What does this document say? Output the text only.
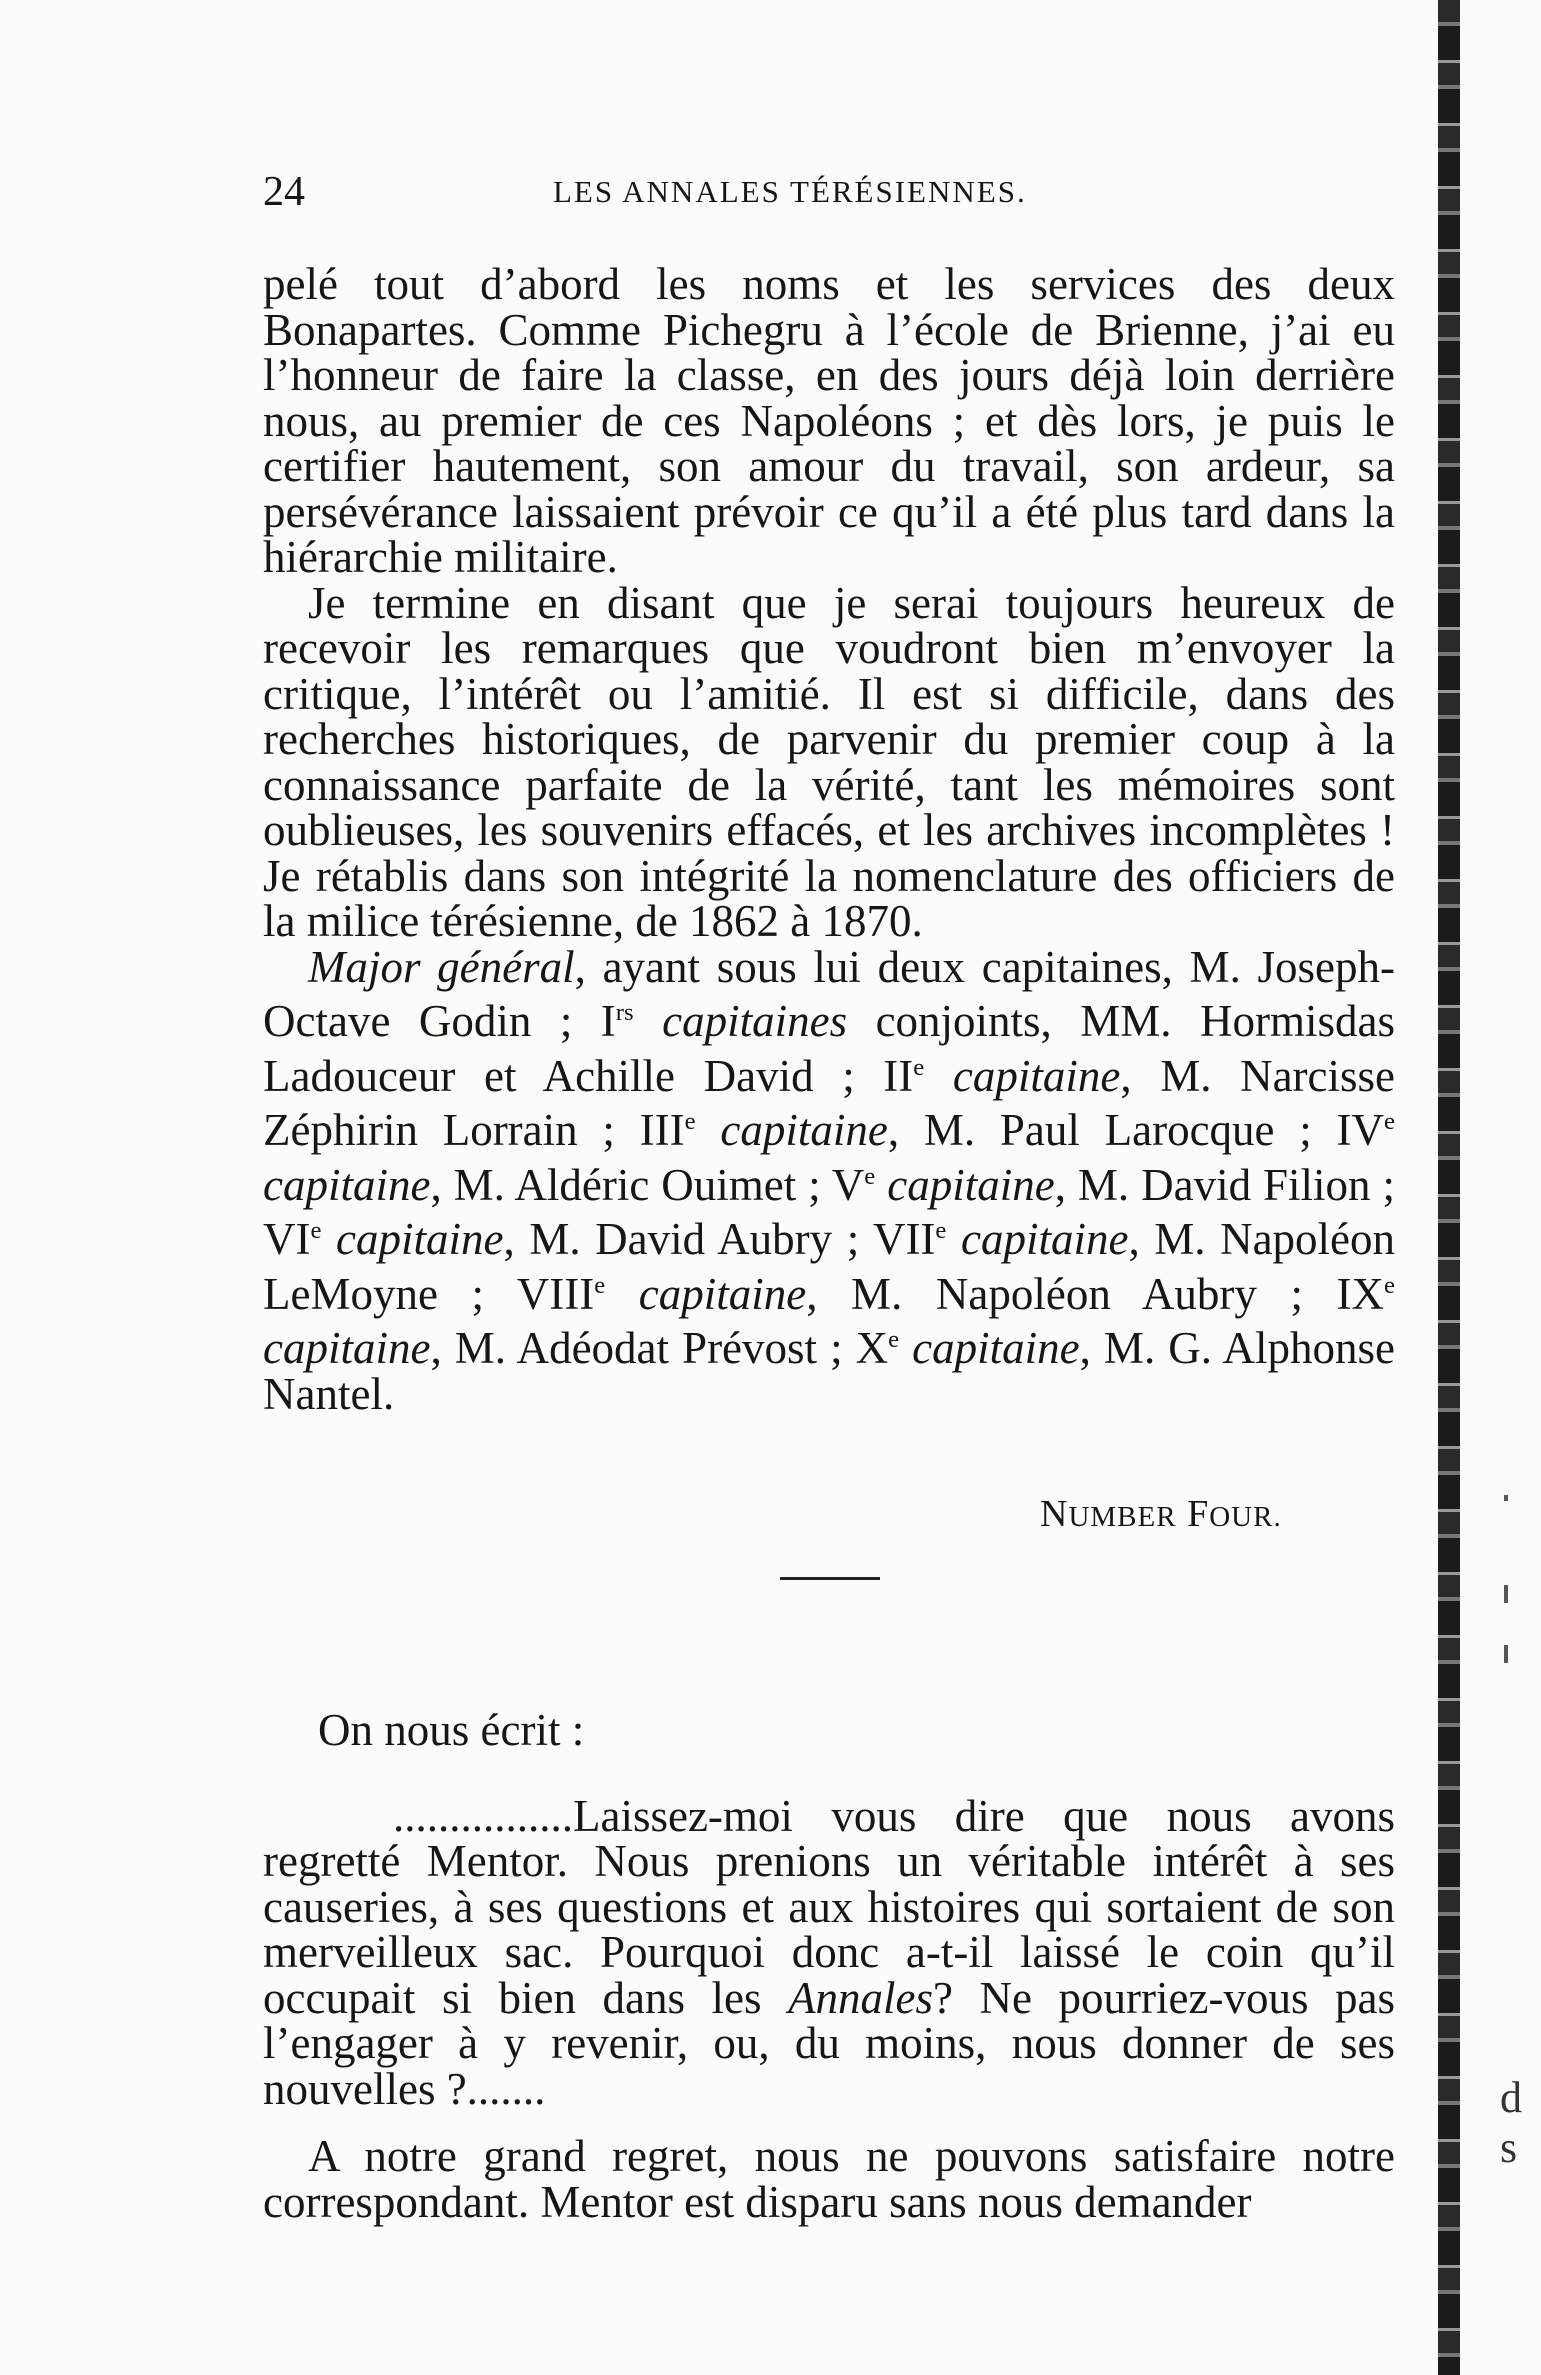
24	LES ANNALES TÉRÉSIENNES.

pelé tout d’abord les noms et les services des deux Bonapartes. Comme Pichegru à l’école de Brienne, j’ai eu l’honneur de faire la classe, en des jours déjà loin derrière nous, au premier de ces Napoléons ; et dès lors, je puis le certifier hautement, son amour du travail, son ardeur, sa persévérance laissaient prévoir ce qu’il a été plus tard dans la hiérarchie militaire.

Je termine en disant que je serai toujours heureux de recevoir les remarques que voudront bien m’envoyer la critique, l’intérêt ou l’amitié. Il est si difficile, dans des recherches historiques, de parvenir du premier coup à la connaissance parfaite de la vérité, tant les mémoires sont oublieuses, les souvenirs effacés, et les archives incomplètes ! Je rétablis dans son intégrité la nomenclature des officiers de la milice térésienne, de 1862 à 1870.

Major général, ayant sous lui deux capitaines, M. Joseph-Octave Godin ; $I^{rs}$ capitaines conjoints, MM. Hormisdas Ladouceur et Achille David ; IIe capitaine, M. Narcisse Zéphirin Lorrain ; IIIe capitaine, M. Paul Larocque ; IVe capitaine, M. Aldéric Ouimet ; Ve capitaine, M. David Filion ; VIe capitaine, M. David Aubry ; VIIe capitaine, M. Napoléon LeMoyne ; VIIIe capitaine, M. Napoléon Aubry ; IXe capitaine, M. Adéodat Prévost ; Xe capitaine, M. G. Alphonse Nantel.

NUMBER FOUR.

On nous écrit :

................Laissez-moi vous dire que nous avons regretté Mentor. Nous prenions un véritable intérêt à ses causeries, à ses questions et aux histoires qui sortaient de son merveilleux sac. Pourquoi donc a-t-il laissé le coin qu’il occupait si bien dans les Annales? Ne pourriez-vous pas l’engager à y revenir, ou, du moins, nous donner de ses nouvelles ?.......

A notre grand regret, nous ne pouvons satisfaire notre correspondant. Mentor est disparu sans nous demander

d
s
